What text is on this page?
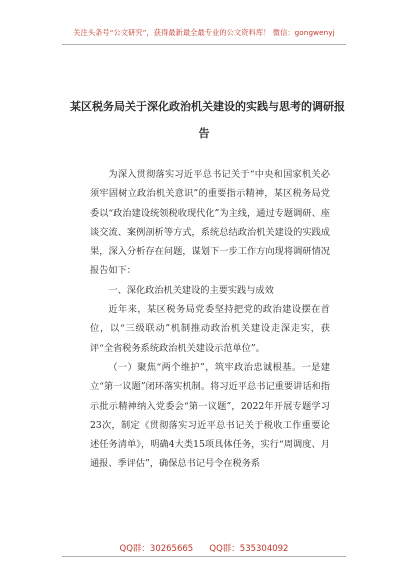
关注头条号“公文研究”，获得最新最全最专业的公文资料库！ 微信：gongwenyj
某区税务局关于深化政治机关建设的实践与思考的调研报
告

为深入贯彻落实习近平总书记关于“中央和国家机关必须牢固树立政治机关意识”的重要指示精神，某区税务局党委以“政治建设统领税收现代化”为主线，通过专题调研、座谈交流、案例剖析等方式，系统总结政治机关建设的实践成果，深入分析存在问题，谋划下一步工作方向现将调研情况报告如下：

一、深化政治机关建设的主要实践与成效

近年来，某区税务局党委坚持把党的政治建设摆在首位，以“三级联动”机制推动政治机关建设走深走实，获评“全省税务系统政治机关建设示范单位”。

（一）聚焦“两个维护”，筑牢政治忠诚根基。一是建立“第一议题”闭环落实机制。将习近平总书记重要讲话和指示批示精神纳入党委会“第一议题”，2022年开展专题学习23次，制定《贯彻落实习近平总书记关于税收工作重要论述任务清单》，明确4大类15项具体任务，实行“周调度、月通报、季评估”，确保总书记号令在税务系

QQ群：30265665 QQ群：535304092
